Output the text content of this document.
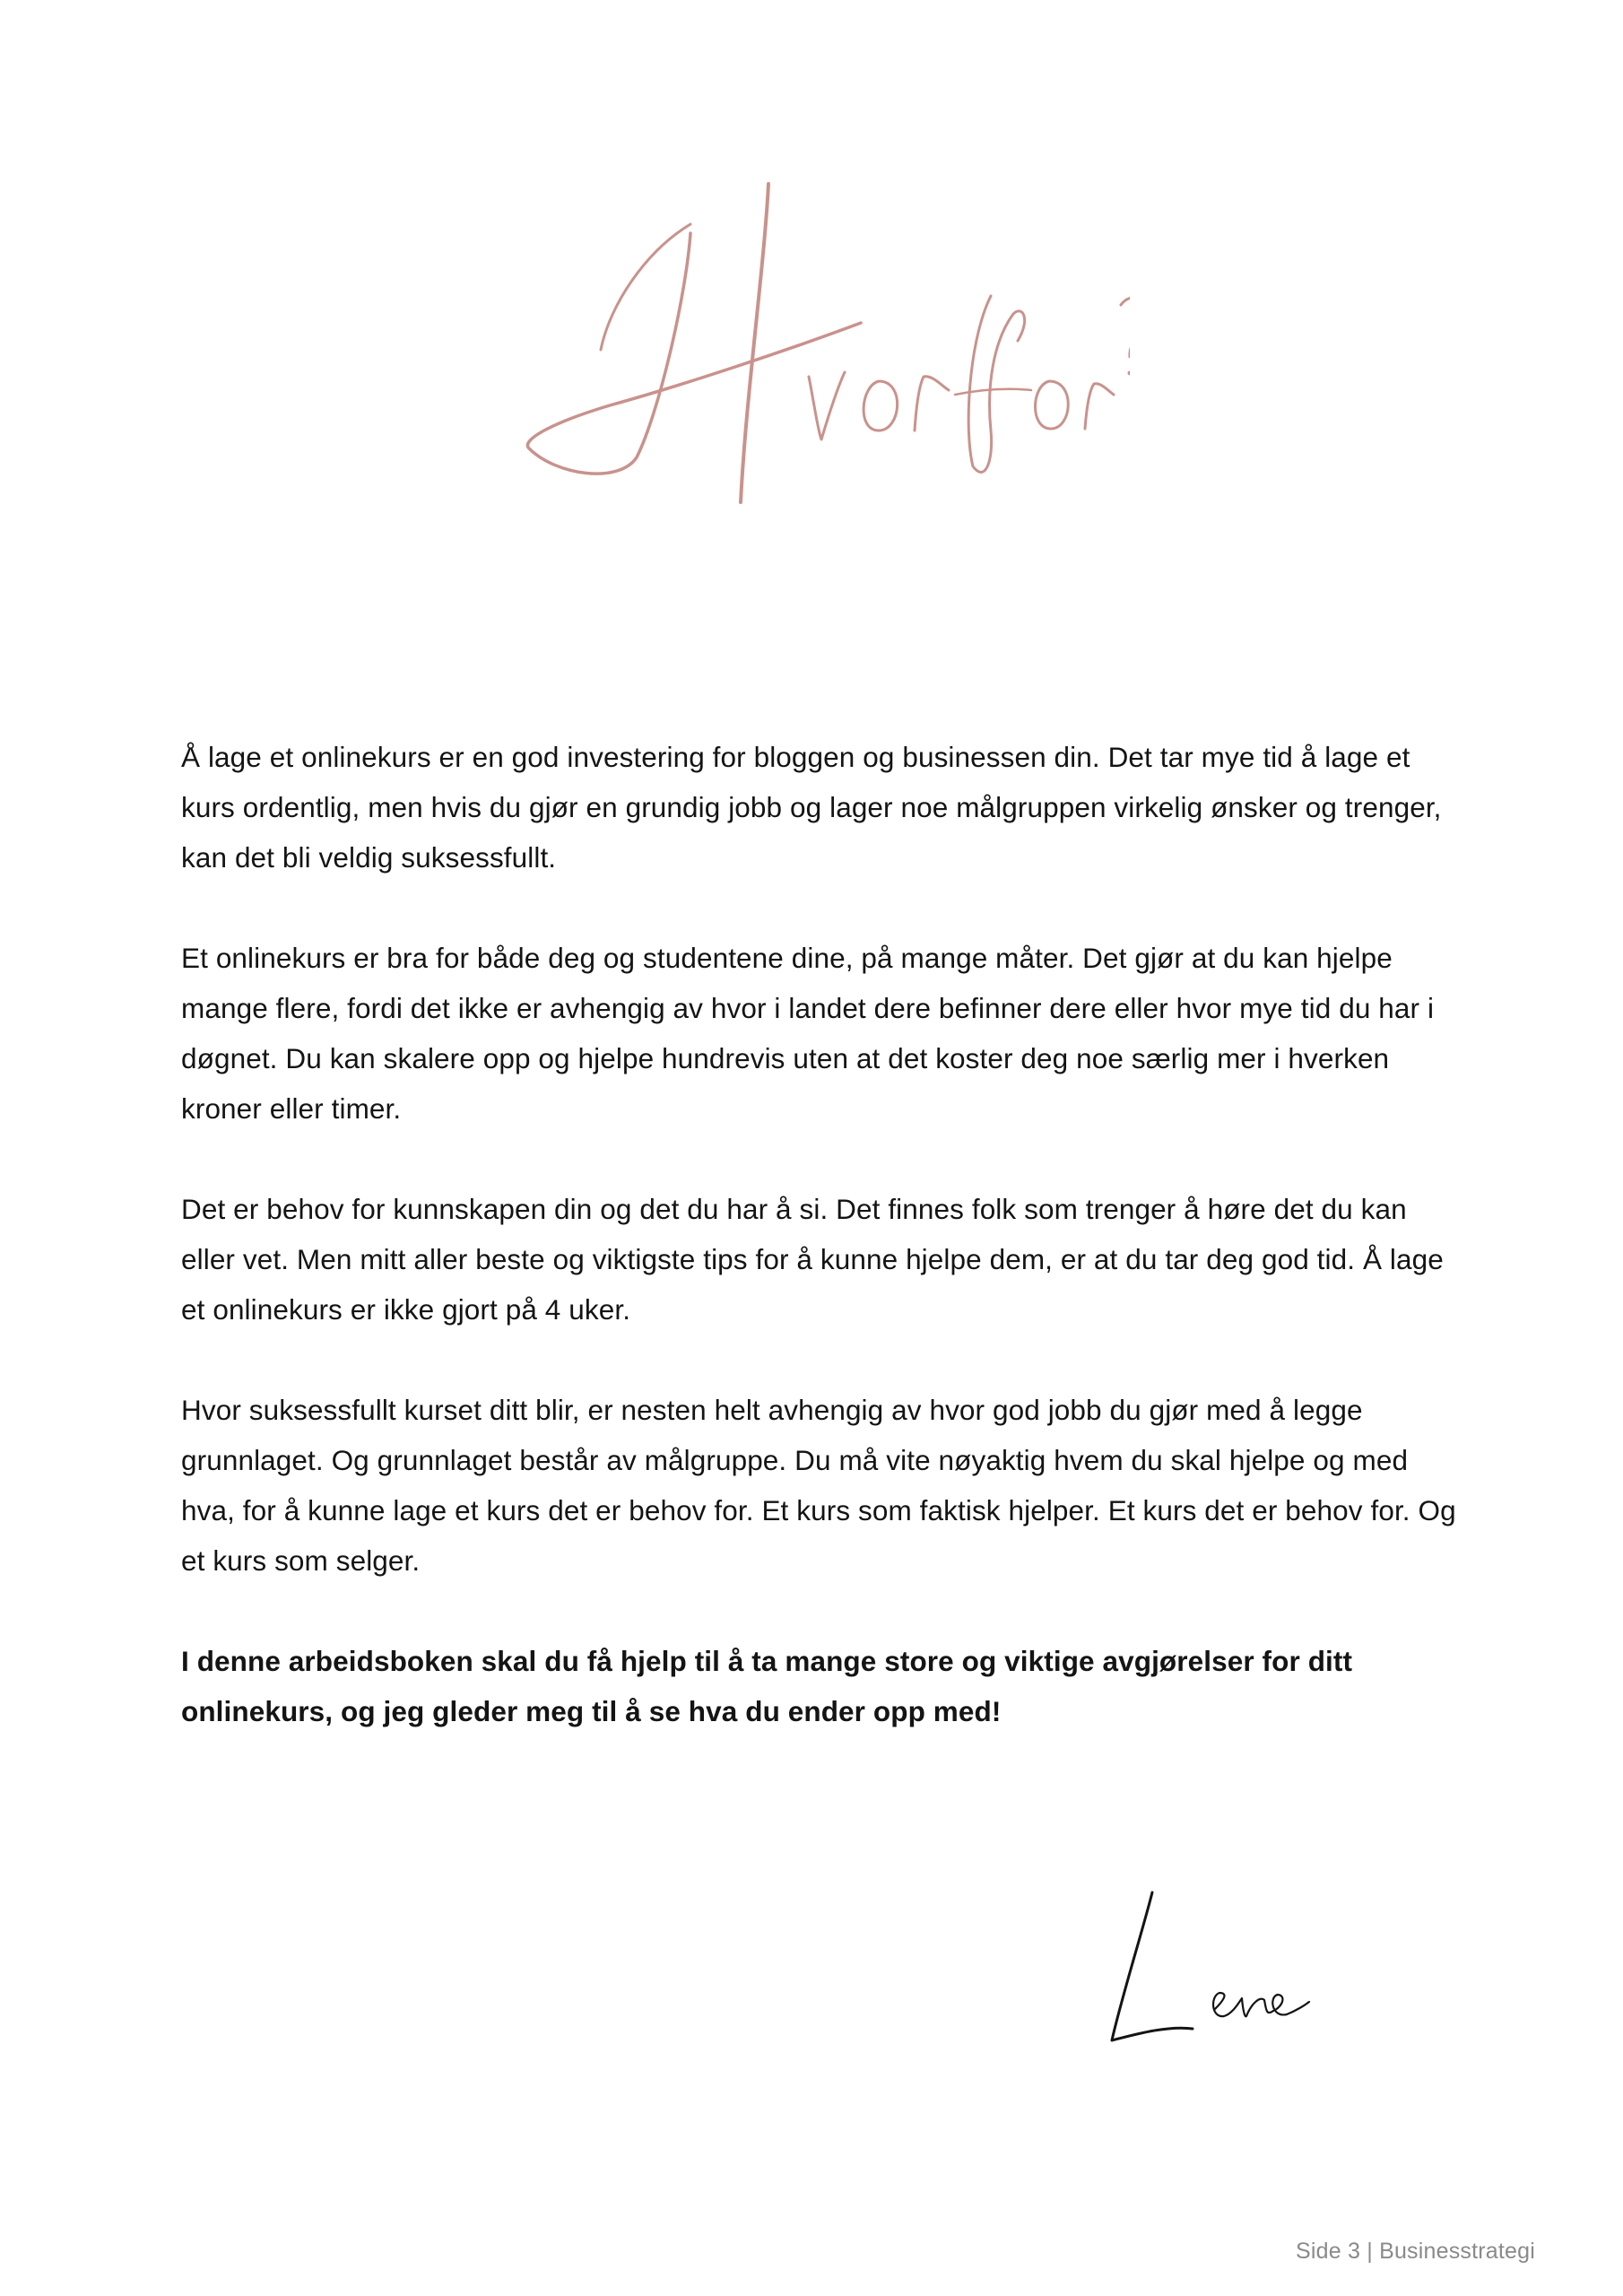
Å lage et onlinekurs er en god investering for bloggen og businessen din. Det tar mye tid å lage et kurs ordentlig, men hvis du gjør en grundig jobb og lager noe målgruppen virkelig ønsker og trenger, kan det bli veldig suksessfullt.

Et onlinekurs er bra for både deg og studentene dine, på mange måter. Det gjør at du kan hjelpe mange flere, fordi det ikke er avhengig av hvor i landet dere befinner dere eller hvor mye tid du har i døgnet. Du kan skalere opp og hjelpe hundrevis uten at det koster deg noe særlig mer i hverken kroner eller timer.

Det er behov for kunnskapen din og det du har å si. Det finnes folk som trenger å høre det du kan eller vet. Men mitt aller beste og viktigste tips for å kunne hjelpe dem, er at du tar deg god tid. Å lage et onlinekurs er ikke gjort på 4 uker.

Hvor suksessfullt kurset ditt blir, er nesten helt avhengig av hvor god jobb du gjør med å legge grunnlaget. Og grunnlaget består av målgruppe. Du må vite nøyaktig hvem du skal hjelpe og med hva, for å kunne lage et kurs det er behov for. Et kurs som faktisk hjelper. Et kurs det er behov for. Og et kurs som selger.

I denne arbeidsboken skal du få hjelp til å ta mange store og viktige avgjørelser for ditt onlinekurs, og jeg gleder meg til å se hva du ender opp med!

Side 3 | Businesstrategi
